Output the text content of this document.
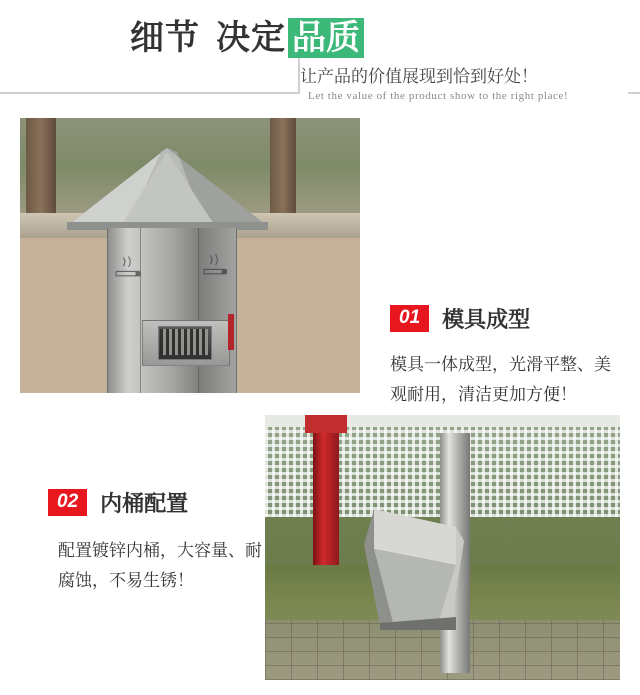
细节 决定 品质
让产品的价值展现到恰到好处！
Let the value of the product show to the right place!
01	模具成型
模具一体成型，光滑平整、美观耐用，清洁更加方便！
02	内桶配置
配置镀锌内桶，大容量、耐腐蚀，不易生锈！
